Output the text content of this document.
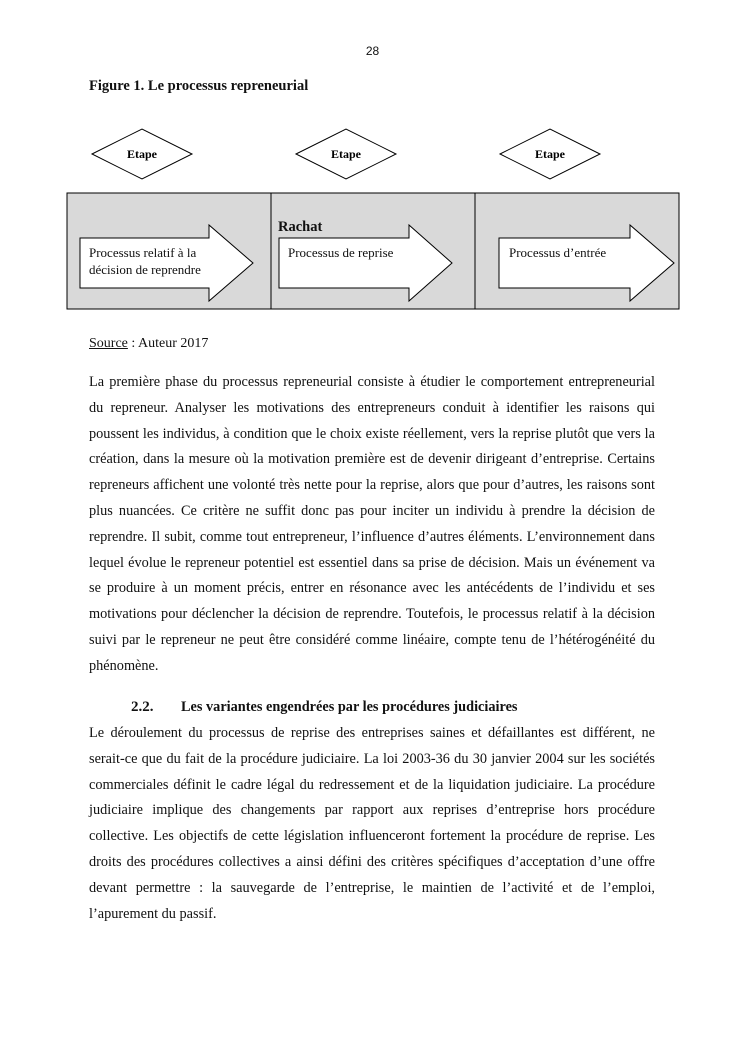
28
Figure 1. Le processus repreneurial
Etape	Etape	Etape
Rachat
Processus relatif à la
décision de reprendre
Processus de reprise	Processus d’entrée
Source : Auteur 2017
La première phase du processus repreneurial consiste à étudier le comportement entrepreneurial du repreneur. Analyser les motivations des entrepreneurs conduit à identifier les raisons qui poussent les individus, à condition que le choix existe réellement, vers la reprise plutôt que vers la création, dans la mesure où la motivation première est de devenir dirigeant d’entreprise. Certains repreneurs affichent une volonté très nette pour la reprise, alors que pour d’autres, les raisons sont plus nuancées. Ce critère ne suffit donc pas pour inciter un individu à prendre la décision de reprendre. Il subit, comme tout entrepreneur, l’influence d’autres éléments. L’environnement dans lequel évolue le repreneur potentiel est essentiel dans sa prise de décision. Mais un événement va se produire à un moment précis, entrer en résonance avec les antécédents de l’individu et ses motivations pour déclencher la décision de reprendre. Toutefois, le processus relatif à la décision suivi par le repreneur ne peut être considéré comme linéaire, compte tenu de l’hétérogénéité du phénomène.
2.2. Les variantes engendrées par les procédures judiciaires
Le déroulement du processus de reprise des entreprises saines et défaillantes est différent, ne serait-ce que du fait de la procédure judiciaire. La loi 2003-36 du 30 janvier 2004 sur les sociétés commerciales définit le cadre légal du redressement et de la liquidation judiciaire. La procédure judiciaire implique des changements par rapport aux reprises d’entreprise hors procédure collective. Les objectifs de cette législation influenceront fortement la procédure de reprise. Les droits des procédures collectives a ainsi défini des critères spécifiques d’acceptation d’une offre devant permettre : la sauvegarde de l’entreprise, le maintien de l’activité et de l’emploi, l’apurement du passif.
